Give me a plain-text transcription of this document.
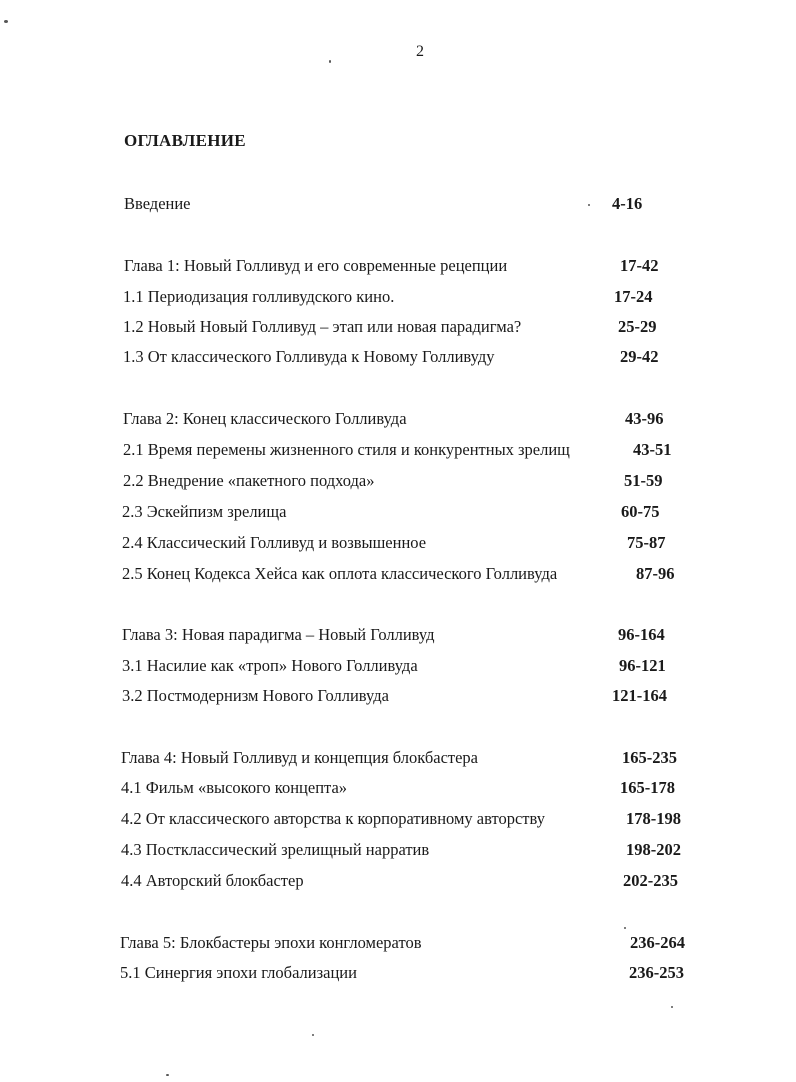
2
ОГЛАВЛЕНИЕ
Введение	4-16
Глава 1: Новый Голливуд и его современные рецепции	17-42
1.1 Периодизация голливудского кино.	17-24
1.2 Новый Новый Голливуд – этап или новая парадигма?	25-29
1.3 От классического Голливуда к Новому Голливуду	29-42
Глава 2: Конец классического Голливуда	43-96
2.1 Время перемены жизненного стиля и конкурентных зрелищ	43-51
2.2 Внедрение «пакетного подхода»	51-59
2.3 Эскейпизм зрелища	60-75
2.4 Классический Голливуд и возвышенное	75-87
2.5 Конец Кодекса Хейса как оплота классического Голливуда	87-96
Глава 3: Новая парадигма – Новый Голливуд	96-164
3.1 Насилие как «троп» Нового Голливуда	96-121
3.2 Постмодернизм Нового Голливуда	121-164
Глава 4: Новый Голливуд и концепция блокбастера	165-235
4.1 Фильм «высокого концепта»	165-178
4.2 От классического авторства к корпоративному авторству	178-198
4.3 Постклассический зрелищный нарратив	198-202
4.4 Авторский блокбастер	202-235
Глава 5: Блокбастеры эпохи конгломератов	236-264
5.1 Синергия эпохи глобализации	236-253
